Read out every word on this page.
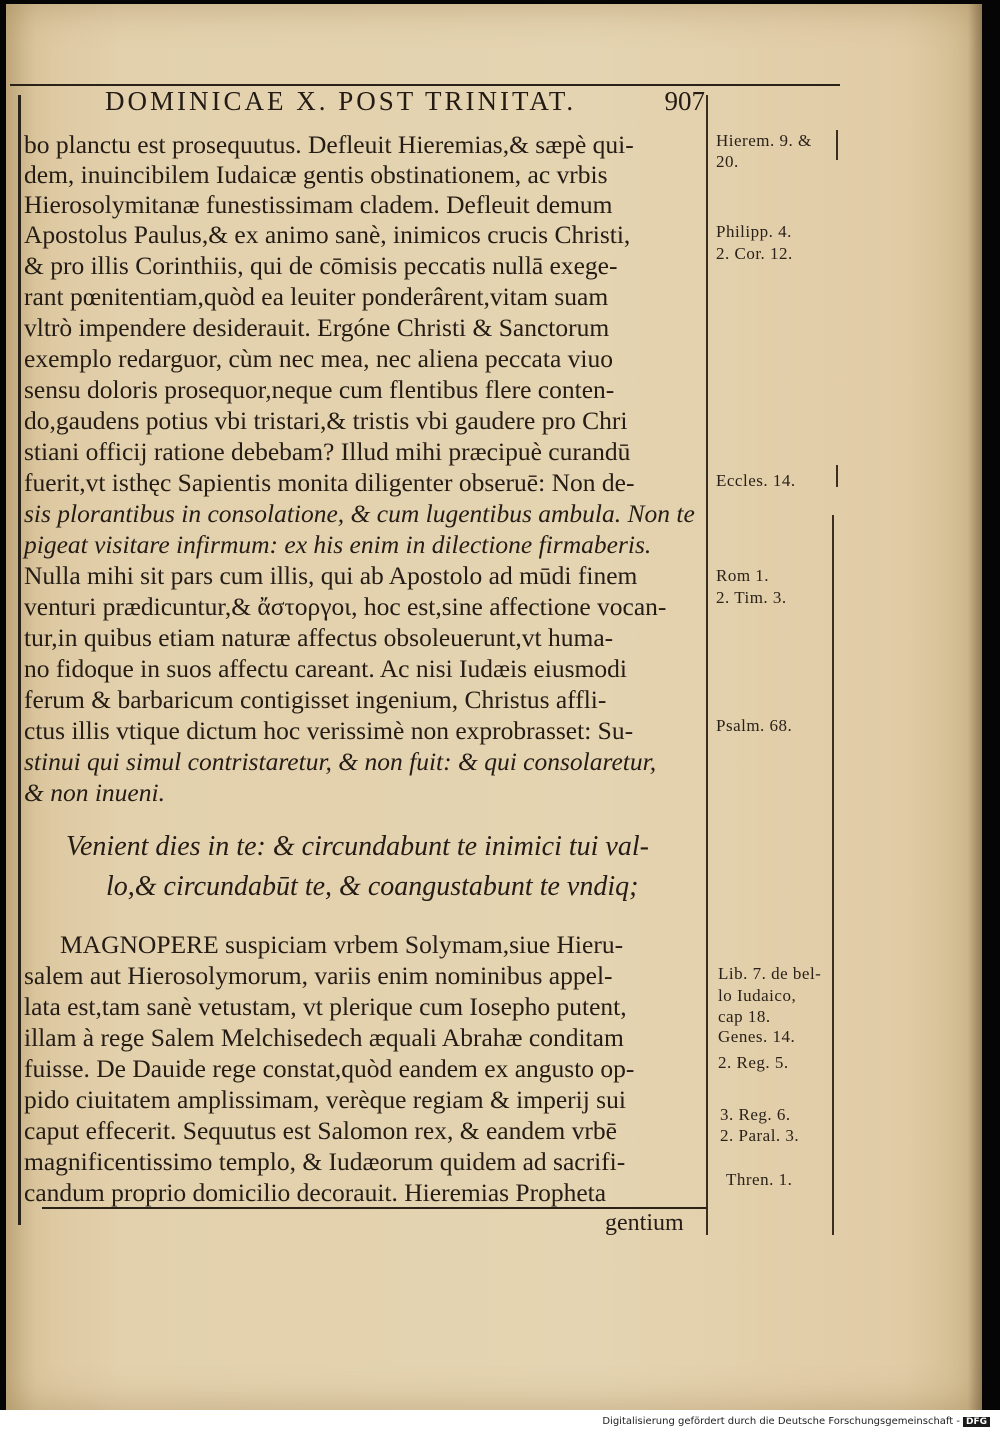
DOMINICAE X. POST TRINITAT.	907
bo planctu est prosequutus. Defleuit Hieremias,& sæpè qui-
dem, inuincibilem Iudaicæ gentis obstinationem, ac vrbis
Hierosolymitanæ funestissimam cladem. Defleuit demum
Apostolus Paulus,& ex animo sanè, inimicos crucis Christi,
& pro illis Corinthiis, qui de cōmisis peccatis nullā exege-
rant pœnitentiam,quòd ea leuiter ponderârent,vitam suam
vltrò impendere desiderauit. Ergóne Christi & Sanctorum
exemplo redarguor, cùm nec mea, nec aliena peccata viuo
sensu doloris prosequor,neque cum flentibus flere conten-
do,gaudens potius vbi tristari,& tristis vbi gaudere pro Chri
stiani officij ratione debebam? Illud mihi præcipuè curandū
fuerit,vt isthęc Sapientis monita diligenter obseruē: Non de-
sis plorantibus in consolatione, & cum lugentibus ambula. Non te
pigeat visitare infirmum: ex his enim in dilectione firmaberis.
Nulla mihi sit pars cum illis, qui ab Apostolo ad mūdi finem
venturi prædicuntur,& ἄστοργοι, hoc est,sine affectione vocan-
tur,in quibus etiam naturæ affectus obsoleuerunt,vt huma-
no fidoque in suos affectu careant. Ac nisi Iudæis eiusmodi
ferum & barbaricum contigisset ingenium, Christus affli-
ctus illis vtique dictum hoc verissimè non exprobrasset: Su-
stinui qui simul contristaretur, & non fuit: & qui consolaretur,
& non inueni.
Venient dies in te: & circundabunt te inimici tui val-
lo,& circundabūt te, & coangustabunt te vndiq;
MAGNOPERE suspiciam vrbem Solymam,siue Hieru-
salem aut Hierosolymorum, variis enim nominibus appel-
lata est,tam sanè vetustam, vt plerique cum Iosepho putent,
illam à rege Salem Melchisedech æquali Abrahæ conditam
fuisse. De Dauide rege constat,quòd eandem ex angusto op-
pido ciuitatem amplissimam, verèque regiam & imperij sui
caput effecerit. Sequutus est Salomon rex, & eandem vrbē
magnificentissimo templo, & Iudæorum quidem ad sacrifi-
candum proprio domicilio decorauit. Hieremias Propheta
gentium
Hierem. 9. &
20.
Philipp. 4.
2. Cor. 12.
Eccles. 14.
Rom 1.
2. Tim. 3.
Psalm. 68.
Lib. 7. de bel-
lo Iudaico,
cap 18.
Genes. 14.
2. Reg. 5.
3. Reg. 6.
2. Paral. 3.
Thren. 1.
Digitalisierung gefördert durch die Deutsche Forschungsgemeinschaft - DFG
